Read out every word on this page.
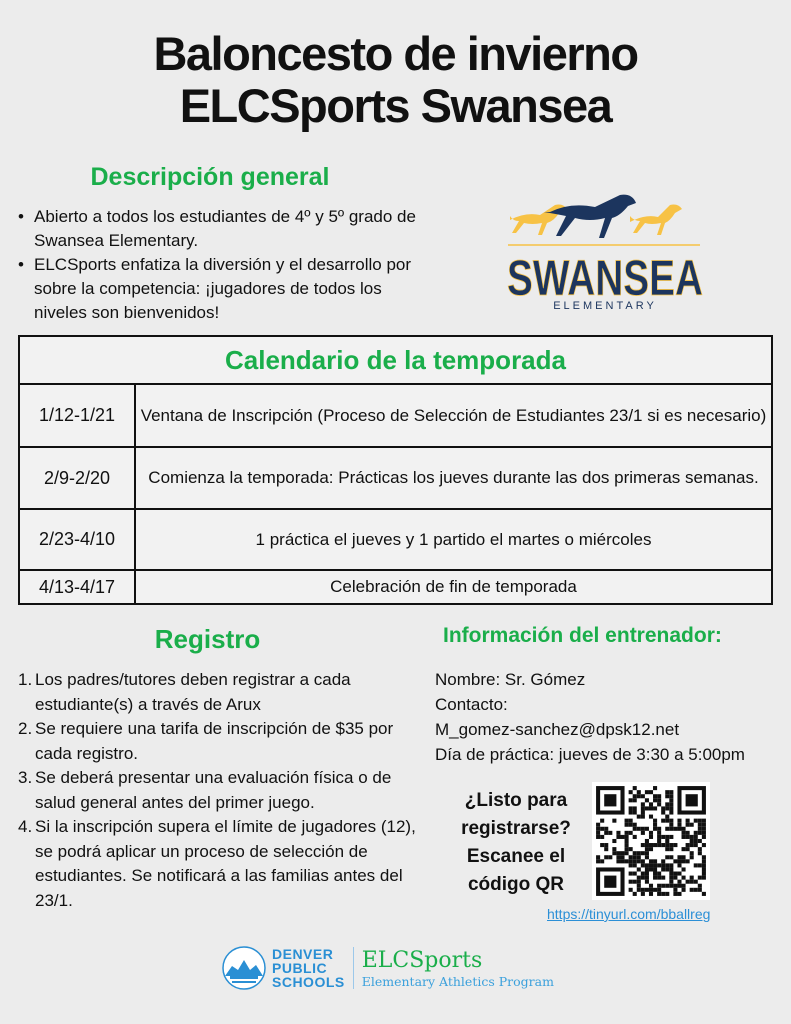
Baloncesto de invierno
ELCSports Swansea
Descripción general
• Abierto a todos los estudiantes de 4º y 5º grado de Swansea Elementary.
• ELCSports enfatiza la diversión y el desarrollo por sobre la competencia: ¡jugadores de todos los niveles son bienvenidos!
SWANSEA
ELEMENTARY
Calendario de la temporada
1/12-1/21	Ventana de Inscripción (Proceso de Selección de Estudiantes 23/1 si es necesario)
2/9-2/20	Comienza la temporada: Prácticas los jueves durante las dos primeras semanas.
2/23-4/10	1 práctica el jueves y 1 partido el martes o miércoles
4/13-4/17	Celebración de fin de temporada
Registro
1. Los padres/tutores deben registrar a cada estudiante(s) a través de Arux
2. Se requiere una tarifa de inscripción de $35 por cada registro.
3. Se deberá presentar una evaluación física o de salud general antes del primer juego.
4. Si la inscripción supera el límite de jugadores (12), se podrá aplicar un proceso de selección de estudiantes. Se notificará a las familias antes del 23/1.
Información del entrenador:
Nombre: Sr. Gómez
Contacto:
M_gomez-sanchez@dpsk12.net
Día de práctica: jueves de 3:30 a 5:00pm
¿Listo para
registrarse?
Escanee el
código QR
https://tinyurl.com/bballreg
DENVER
PUBLIC
SCHOOLS
ELCSports
Elementary Athletics Program
